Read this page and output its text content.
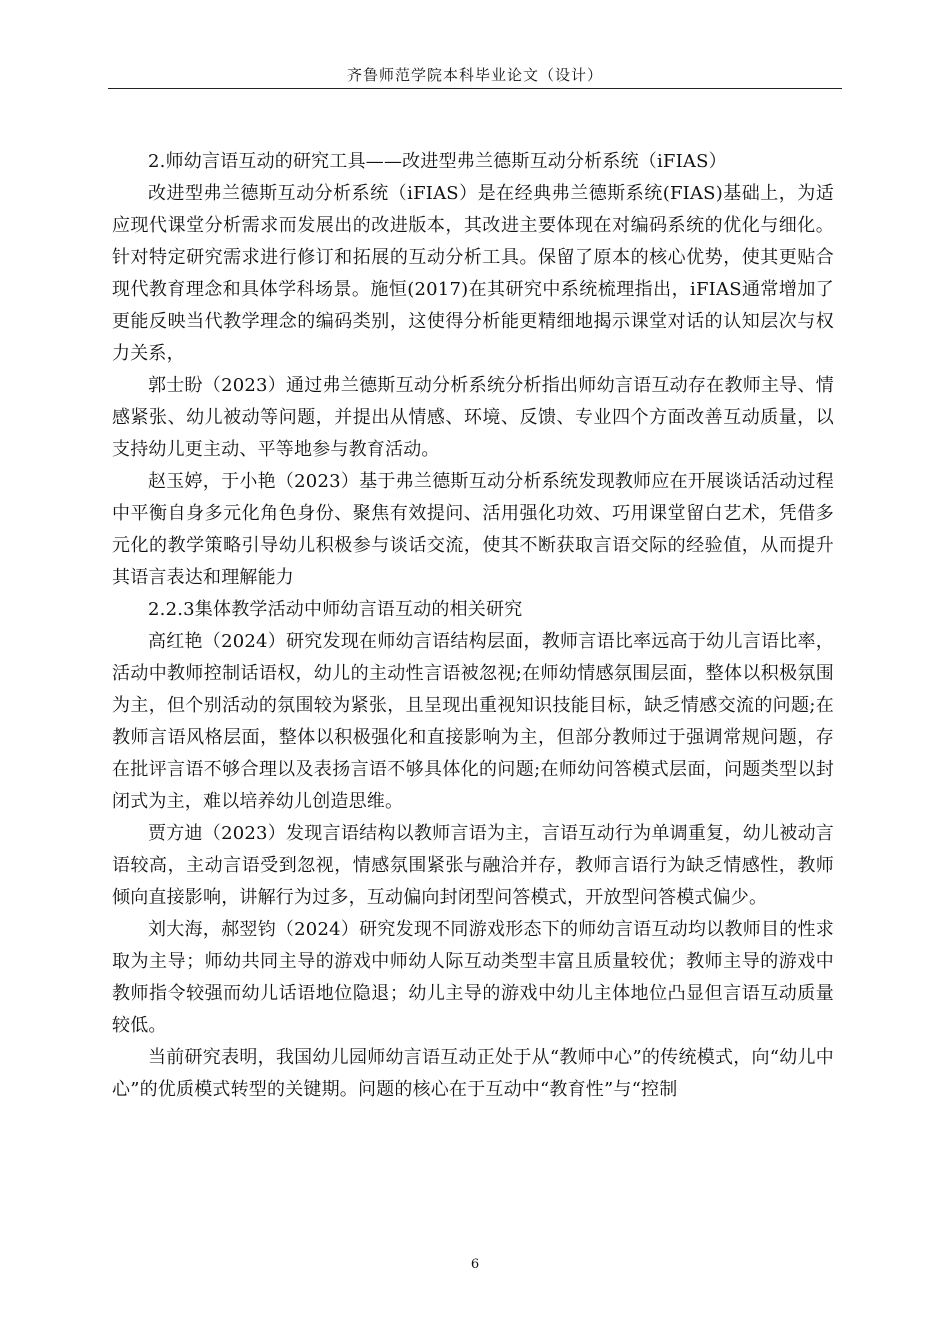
齐鲁师范学院本科毕业论文（设计）

2.师幼言语互动的研究工具——改进型弗兰德斯互动分析系统（iFIAS）

改进型弗兰德斯互动分析系统（iFIAS）是在经典弗兰德斯系统(FIAS)基础上，为适应现代课堂分析需求而发展出的改进版本，其改进主要体现在对编码系统的优化与细化。针对特定研究需求进行修订和拓展的互动分析工具。保留了原本的核心优势，使其更贴合现代教育理念和具体学科场景。施恒(2017)在其研究中系统梳理指出，iFIAS通常增加了更能反映当代教学理念的编码类别，这使得分析能更精细地揭示课堂对话的认知层次与权力关系，

郭士盼（2023）通过弗兰德斯互动分析系统分析指出师幼言语互动存在教师主导、情感紧张、幼儿被动等问题，并提出从情感、环境、反馈、专业四个方面改善互动质量，以支持幼儿更主动、平等地参与教育活动。

赵玉婷，于小艳（2023）基于弗兰德斯互动分析系统发现教师应在开展谈话活动过程中平衡自身多元化角色身份、聚焦有效提问、活用强化功效、巧用课堂留白艺术，凭借多元化的教学策略引导幼儿积极参与谈话交流，使其不断获取言语交际的经验值，从而提升其语言表达和理解能力

2.2.3集体教学活动中师幼言语互动的相关研究

高红艳（2024）研究发现在师幼言语结构层面，教师言语比率远高于幼儿言语比率，活动中教师控制话语权，幼儿的主动性言语被忽视;在师幼情感氛围层面，整体以积极氛围为主，但个别活动的氛围较为紧张，且呈现出重视知识技能目标，缺乏情感交流的问题;在教师言语风格层面，整体以积极强化和直接影响为主，但部分教师过于强调常规问题，存在批评言语不够合理以及表扬言语不够具体化的问题;在师幼问答模式层面，问题类型以封闭式为主，难以培养幼儿创造思维。

贾方迪（2023）发现言语结构以教师言语为主，言语互动行为单调重复，幼儿被动言语较高，主动言语受到忽视，情感氛围紧张与融洽并存，教师言语行为缺乏情感性，教师倾向直接影响，讲解行为过多，互动偏向封闭型问答模式，开放型问答模式偏少。

刘大海，郝翌钧（2024）研究发现不同游戏形态下的师幼言语互动均以教师目的性求取为主导；师幼共同主导的游戏中师幼人际互动类型丰富且质量较优；教师主导的游戏中教师指令较强而幼儿话语地位隐退；幼儿主导的游戏中幼儿主体地位凸显但言语互动质量较低。

当前研究表明，我国幼儿园师幼言语互动正处于从“教师中心”的传统模式，向“幼儿中心”的优质模式转型的关键期。问题的核心在于互动中“教育性”与“控制

6
